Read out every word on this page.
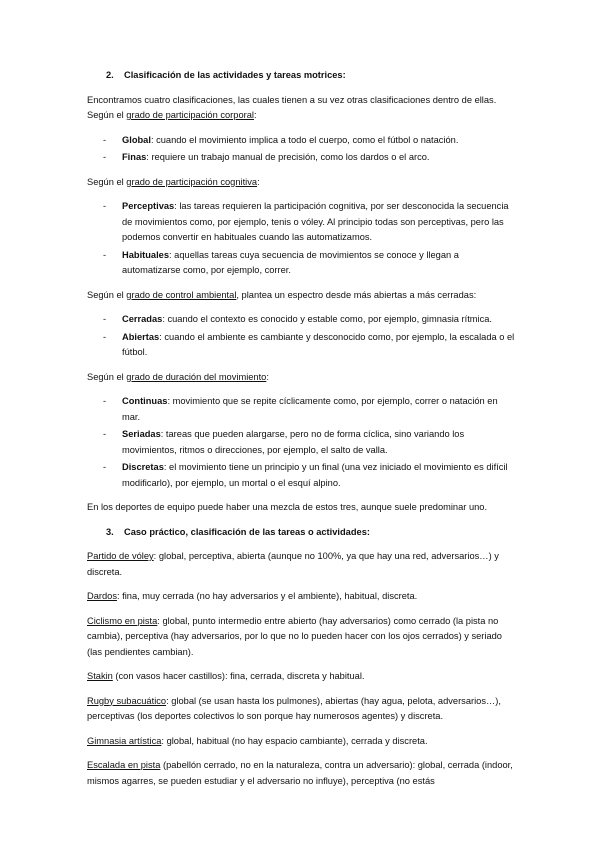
2. Clasificación de las actividades y tareas motrices:

Encontramos cuatro clasificaciones, las cuales tienen a su vez otras clasificaciones dentro de ellas. Según el grado de participación corporal:

- Global: cuando el movimiento implica a todo el cuerpo, como el fútbol o natación.
- Finas: requiere un trabajo manual de precisión, como los dardos o el arco.

Según el grado de participación cognitiva:

- Perceptivas: las tareas requieren la participación cognitiva, por ser desconocida la secuencia de movimientos como, por ejemplo, tenis o vóley. Al principio todas son perceptivas, pero las podemos convertir en habituales cuando las automatizamos.
- Habituales: aquellas tareas cuya secuencia de movimientos se conoce y llegan a automatizarse como, por ejemplo, correr.

Según el grado de control ambiental, plantea un espectro desde más abiertas a más cerradas:

- Cerradas: cuando el contexto es conocido y estable como, por ejemplo, gimnasia rítmica.
- Abiertas: cuando el ambiente es cambiante y desconocido como, por ejemplo, la escalada o el fútbol.

Según el grado de duración del movimiento:

- Continuas: movimiento que se repite cíclicamente como, por ejemplo, correr o natación en mar.
- Seriadas: tareas que pueden alargarse, pero no de forma cíclica, sino variando los movimientos, ritmos o direcciones, por ejemplo, el salto de valla.
- Discretas: el movimiento tiene un principio y un final (una vez iniciado el movimiento es difícil modificarlo), por ejemplo, un mortal o el esquí alpino.

En los deportes de equipo puede haber una mezcla de estos tres, aunque suele predominar uno.

3. Caso práctico, clasificación de las tareas o actividades:

Partido de vóley: global, perceptiva, abierta (aunque no 100%, ya que hay una red, adversarios…) y discreta.

Dardos: fina, muy cerrada (no hay adversarios y el ambiente), habitual, discreta.

Ciclismo en pista: global, punto intermedio entre abierto (hay adversarios) como cerrado (la pista no cambia), perceptiva (hay adversarios, por lo que no lo pueden hacer con los ojos cerrados) y seriado (las pendientes cambian).

Stakin (con vasos hacer castillos): fina, cerrada, discreta y habitual.

Rugby subacuático: global (se usan hasta los pulmones), abiertas (hay agua, pelota, adversarios…), perceptivas (los deportes colectivos lo son porque hay numerosos agentes) y discreta.

Gimnasia artística: global, habitual (no hay espacio cambiante), cerrada y discreta.

Escalada en pista (pabellón cerrado, no en la naturaleza, contra un adversario): global, cerrada (indoor, mismos agarres, se pueden estudiar y el adversario no influye), perceptiva (no estás
